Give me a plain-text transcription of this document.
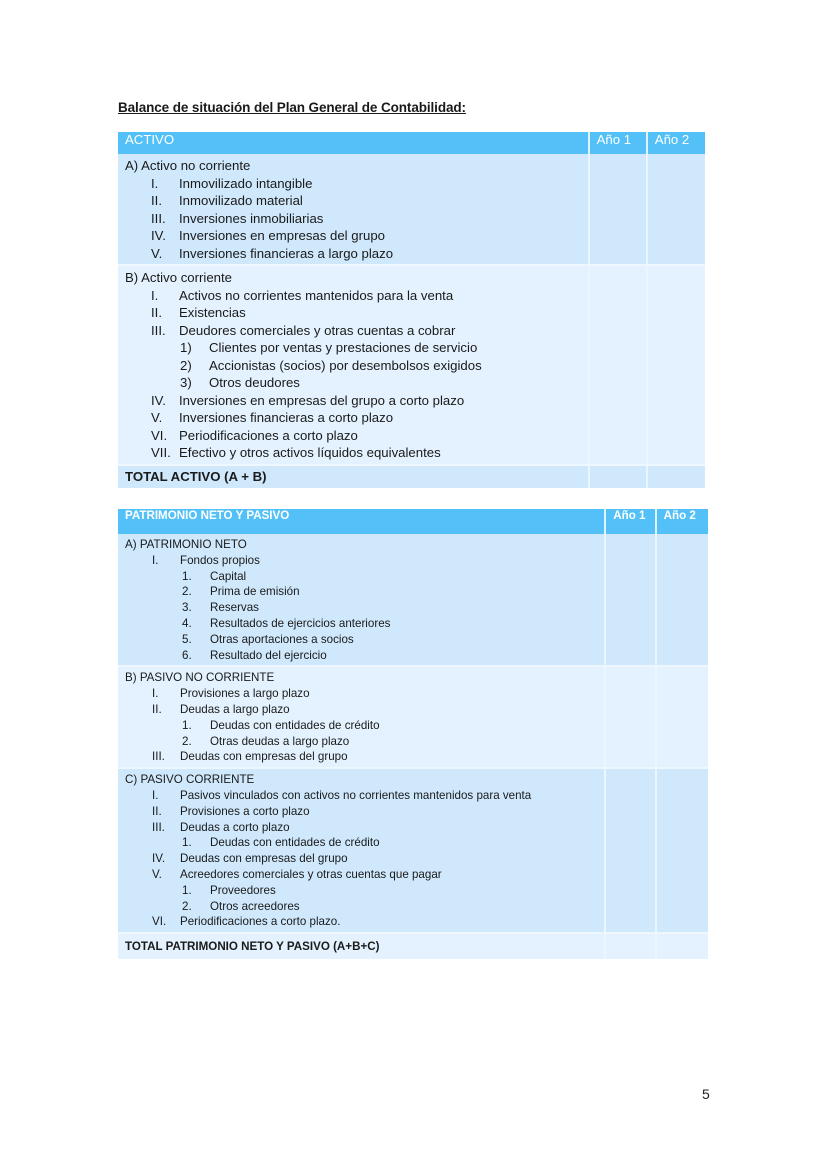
Balance de situación del Plan General de Contabilidad:
ACTIVO	Año 1	Año 2

A) Activo no corriente
I.	Inmovilizado intangible
II.	Inmovilizado material
III.	Inversiones inmobiliarias
IV. Inversiones en empresas del grupo
V.	Inversiones financieras a largo plazo

B) Activo corriente
I.	Activos no corrientes mantenidos para la venta
II.	Existencias
III.	Deudores comerciales y otras cuentas a cobrar
1)	Clientes por ventas y prestaciones de servicio
2)	Accionistas (socios) por desembolsos exigidos
3)	Otros deudores
IV. Inversiones en empresas del grupo a corto plazo
V.	Inversiones financieras a corto plazo
VI. Periodificaciones a corto plazo
VII. Efectivo y otros activos líquidos equivalentes

TOTAL ACTIVO (A + B)		
PATRIMONIO NETO Y PASIVO	Año 1	Año 2

A) PATRIMONIO NETO
I.	Fondos propios
1.	Capital
2.	Prima de emisión
3.	Reservas
4.	Resultados de ejercicios anteriores
5.	Otras aportaciones a socios
6.	Resultado del ejercicio

B) PASIVO NO CORRIENTE
I.	Provisiones a largo plazo
II.	Deudas a largo plazo
1.	Deudas con entidades de crédito
2.	Otras deudas a largo plazo
III.	Deudas con empresas del grupo

C) PASIVO CORRIENTE
I.	Pasivos vinculados con activos no corrientes mantenidos para venta
II.	Provisiones a corto plazo
III.	Deudas a corto plazo
1.	Deudas con entidades de crédito
IV.	Deudas con empresas del grupo
V.	Acreedores comerciales y otras cuentas que pagar
1.	Proveedores
2.	Otros acreedores
VI.	Periodificaciones a corto plazo.

TOTAL PATRIMONIO NETO Y PASIVO (A+B+C)		
5
